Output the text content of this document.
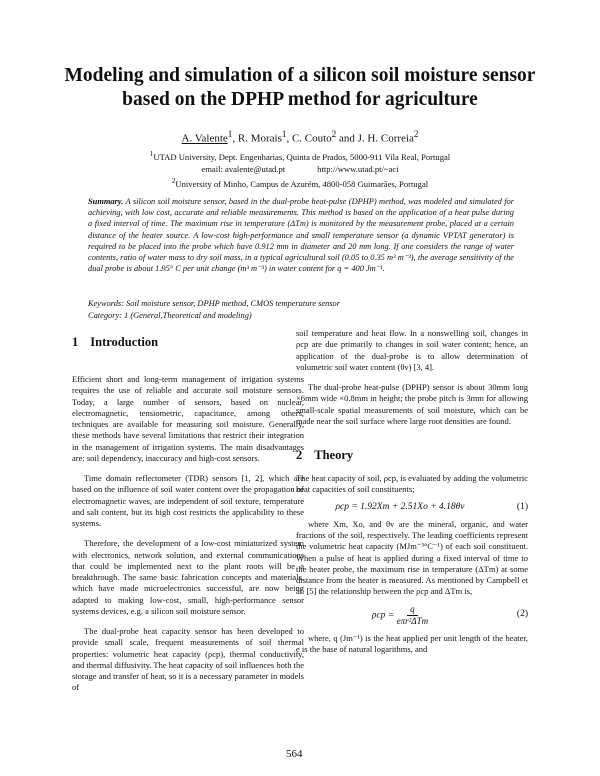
Modeling and simulation of a silicon soil moisture sensor based on the DPHP method for agriculture
A. Valente$^1$, R. Morais$^1$, C. Couto$^2$ and J. H. Correia$^2$
$^1$UTAD University, Dept. Engenharias, Quinta de Prados, 5000-911 Vila Real, Portugal
email: avalente@utad.pt	http://www.utad.pt/~aci
$^2$University of Minho, Campus de Azurém, 4800-058 Guimarães, Portugal

Summary. A silicon soil moisture sensor, based in the dual-probe heat-pulse (DPHP) method, was modeled and simulated for achieving, with low cost, accurate and reliable measurements. This method is based on the application of a heat pulse during a fixed interval of time. The maximum rise in temperature (ΔTm) is monitored by the measurement probe, placed at a certain distance of the heater source. A low-cost high-performance and small temperature sensor (a dynamic VPTAT generator) is required to be placed into the probe which have 0.912 mm in diameter and 20 mm long. If one considers the range of water contents, ratio of water mass to dry soil mass, in a typical agricultural soil (0.05 to 0.35 m³ m⁻³), the average sensitivity of the dual probe is about 1.95° C per unit change (m³ m⁻³) in water content for q = 400 Jm⁻¹.

Keywords: Soil moisture sensor, DPHP method, CMOS temperature sensor
Category: 1 (General,Theoretical and modeling)
1 Introduction

Efficient short and long-term management of irrigation systems requires the use of reliable and accurate soil moisture sensors. Today, a large number of sensors, based on nuclear, electromagnetic, tensiometric, capacitance, among others, techniques are available for measuring soil moisture. Generally, these methods have several limitations that restrict their integration in the management of irrigation systems. The main disadvantages are: soil dependency, inaccuracy and high-cost sensors.

Time domain reflectometer (TDR) sensors [1, 2], which are based on the influence of soil water content over the propagation of electromagnetic waves, are independent of soil texture, temperature and salt content, but its high cost restricts the applicability to these systems.

Therefore, the development of a low-cost miniaturized system with electronics, network solution, and external communications that could be implemented next to the plant roots will be a breakthrough. The same basic fabrication concepts and materials, which have made microelectronics successful, are now being adapted to making low-cost, small, high-performance sensor systems devices, e.g. a silicon soil moisture sensor.

The dual-probe heat capacity sensor has been developed to provide small scale, frequent measurements of soil thermal properties: volumetric heat capacity (ρcp), thermal conductivity, and thermal diffusivity. The heat capacity of soil influences both the storage and transfer of heat, so it is a necessary parameter in models of

soil temperature and heat flow. In a nonswelling soil, changes in ρcp are due primarily to changes in soil water content; hence, an application of the dual-probe is to allow determination of volumetric soil water content (θv) [3, 4].

The dual-probe heat-pulse (DPHP) sensor is about 30mm long ×6mm wide ×0.8mm in height; the probe pitch is 3mm for allowing small-scale spatial measurements of soil moisture, which can be made near the soil surface where large root densities are found.

2 Theory

The heat capacity of soil, ρcp, is evaluated by adding the volumetric heat capacities of soil constituents;

ρcp = 1.92Xm + 2.51Xo + 4.18θv	(1)

where Xm, Xo, and θv are the mineral, organic, and water fractions of the soil, respectively. The leading coefficients represent the volumetric heat capacity (MJm⁻³°C⁻¹) of each soil constituent. When a pulse of heat is applied during a fixed interval of time to the heater probe, the maximum rise in temperature (ΔTm) at some distance from the heater is measured. As mentioned by Campbell et al. [5] the relationship between the ρcp and ΔTm is,

$\rho cp = \frac{q}{\text{eπr²ΔTm}}$	(2)

where, q (Jm⁻¹) is the heat applied per unit length of the heater, e is the base of natural logarithms, and

564
